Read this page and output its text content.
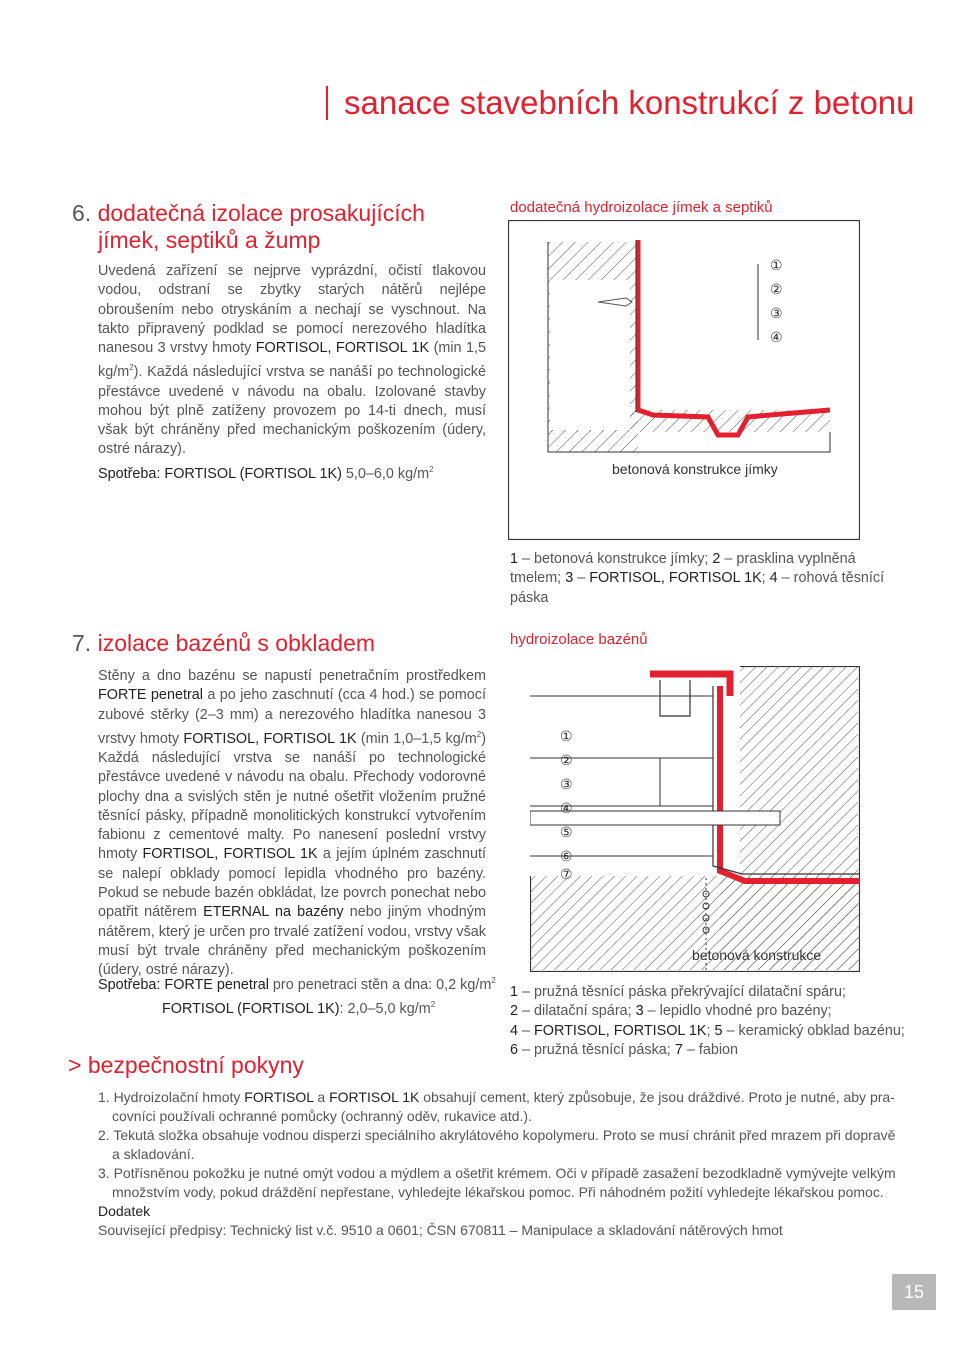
sanace stavebních konstrukcí z betonu
6. dodatečná izolace prosakujících
jímek, septiků a žump
Uvedená zařízení se nejprve vyprázdní, očistí tlakovou vodou, odstraní se zbytky starých nátěrů nejlépe obroušením nebo otryskáním a nechají se vyschnout. Na takto připravený podklad se pomocí nerezového hladítka nanesou 3 vrstvy hmoty FORTISOL, FORTISOL 1K (min 1,5 $kg/m^2$). Každá následující vrstva se nanáší po technologické přestávce uvedené v návodu na obalu. Izolované stavby mohou být plně zatíženy provozem po 14-ti dnech, musí však být chráněny před mechanickým poškozením (údery, ostré nárazy).
Spotřeba: FORTISOL (FORTISOL 1K) 5,0–6,0 $kg/m^2$
dodatečná hydroizolace jímek a septiků
①
②
③
④
betonová konstrukce jímky
1 – betonová konstrukce jímky; 2 – prasklina vyplněná tmelem; 3 – FORTISOL, FORTISOL 1K; 4 – rohová těsnící páska
7. izolace bazénů s obkladem
Stěny a dno bazénu se napustí penetračním prostředkem FORTE penetral a po jeho zaschnutí (cca 4 hod.) se pomocí zubové stěrky (2–3 mm) a nerezového hladítka nanesou 3 vrstvy hmoty FORTISOL, FORTISOL 1K (min 1,0–1,5 $kg/m^2$) Každá následující vrstva se nanáší po technologické přestávce uvedené v návodu na obalu. Přechody vodorovné plochy dna a svislých stěn je nutné ošetřit vložením pružné těsnící pásky, případně monolitických konstrukcí vytvořením fabionu z cementové malty. Po nanesení poslední vrstvy hmoty FORTISOL, FORTISOL 1K a jejím úplném zaschnutí se nalepí obklady pomocí lepidla vhodného pro bazény. Pokud se nebude bazén obkládat, lze povrch ponechat nebo opatřit nátěrem ETERNAL na bazény nebo jiným vhodným nátěrem, který je určen pro trvalé zatížení vodou, vrstvy však musí být trvale chráněny před mechanickým poškozením (údery, ostré nárazy).
Spotřeba: FORTE penetral pro penetraci stěn a dna: 0,2 $kg/m^2$
FORTISOL (FORTISOL 1K): 2,0–5,0 $kg/m^2$
hydroizolace bazénů
①
②
③
④
⑤
⑥
⑦
betonová konstrukce
1 – pružná těsnící páska překrývající dilatační spáru;
2 – dilatační spára; 3 – lepidlo vhodné pro bazény;
4 – FORTISOL, FORTISOL 1K; 5 – keramický obklad bazénu;
6 – pružná těsnící páska; 7 – fabion
> bezpečnostní pokyny
1. Hydroizolační hmoty FORTISOL a FORTISOL 1K obsahují cement, který způsobuje, že jsou dráždivé. Proto je nutné, aby pra-
covníci používali ochranné pomůcky (ochranný oděv, rukavice atd.).
2. Tekutá složka obsahuje vodnou disperzi speciálního akrylátového kopolymeru. Proto se musí chránit před mrazem při dopravě
a skladování.
3. Potřísněnou pokožku je nutné omýt vodou a mýdlem a ošetřit krémem. Oči v případě zasažení bezodkladně vymývejte velkým
množstvím vody, pokud dráždění nepřestane, vyhledejte lékařskou pomoc. Při náhodném požití vyhledejte lékařskou pomoc.
Dodatek
Související předpisy: Technický list v.č. 9510 a 0601; ČSN 670811 – Manipulace a skladování nátěrových hmot
15
